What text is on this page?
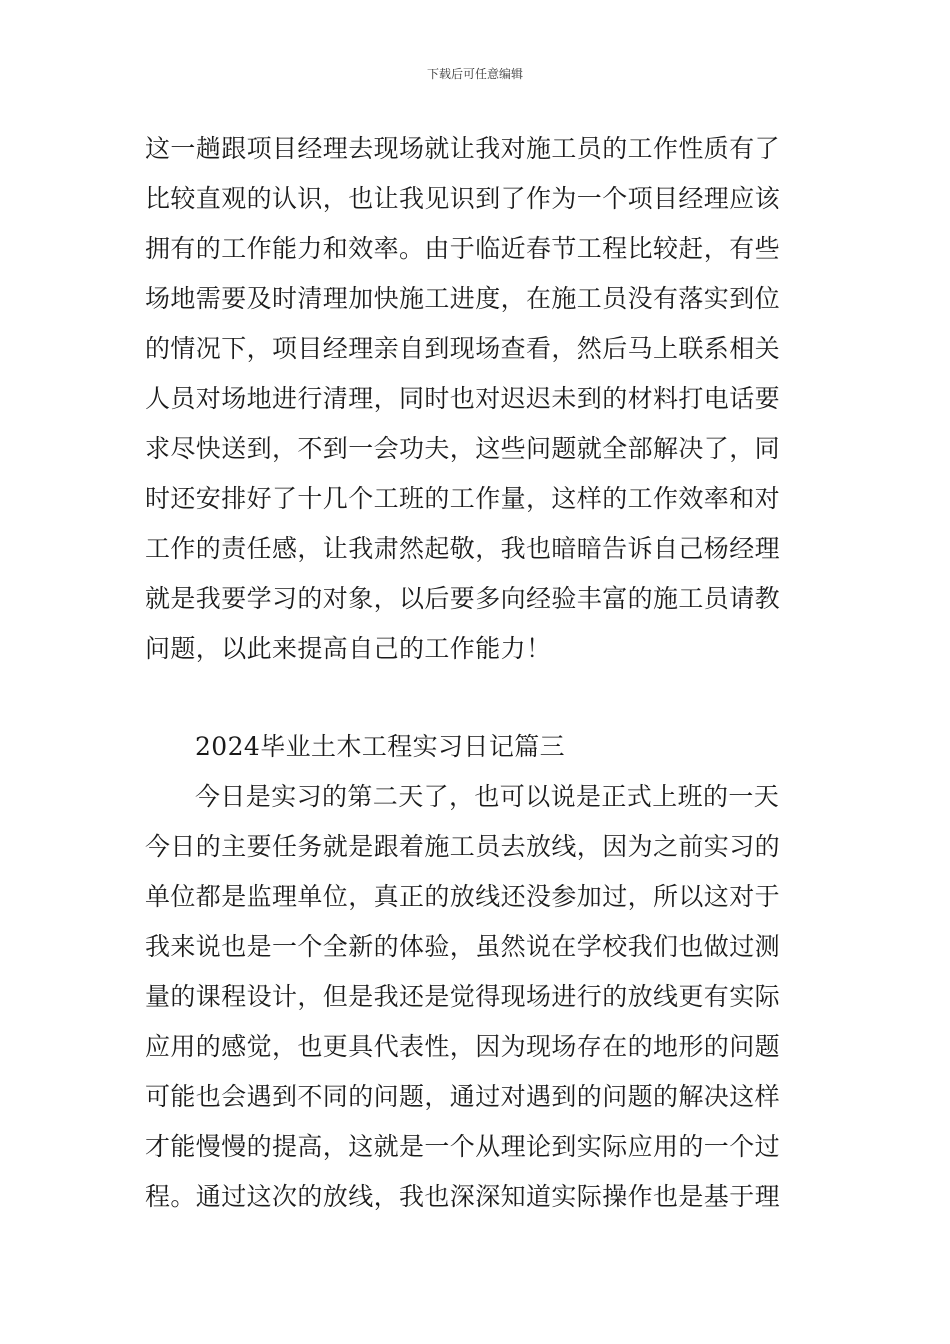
下载后可任意编辑
这一趟跟项目经理去现场就让我对施工员的工作性质有了
比较直观的认识，也让我见识到了作为一个项目经理应该
拥有的工作能力和效率。由于临近春节工程比较赶，有些
场地需要及时清理加快施工进度，在施工员没有落实到位
的情况下，项目经理亲自到现场查看，然后马上联系相关
人员对场地进行清理，同时也对迟迟未到的材料打电话要
求尽快送到，不到一会功夫，这些问题就全部解决了，同
时还安排好了十几个工班的工作量，这样的工作效率和对
工作的责任感，让我肃然起敬，我也暗暗告诉自己杨经理
就是我要学习的对象，以后要多向经验丰富的施工员请教
问题，以此来提高自己的工作能力！
2024毕业土木工程实习日记篇三
今日是实习的第二天了，也可以说是正式上班的一天
今日的主要任务就是跟着施工员去放线，因为之前实习的
单位都是监理单位，真正的放线还没参加过，所以这对于
我来说也是一个全新的体验，虽然说在学校我们也做过测
量的课程设计，但是我还是觉得现场进行的放线更有实际
应用的感觉，也更具代表性，因为现场存在的地形的问题
可能也会遇到不同的问题，通过对遇到的问题的解决这样
才能慢慢的提高，这就是一个从理论到实际应用的一个过
程。通过这次的放线，我也深深知道实际操作也是基于理
